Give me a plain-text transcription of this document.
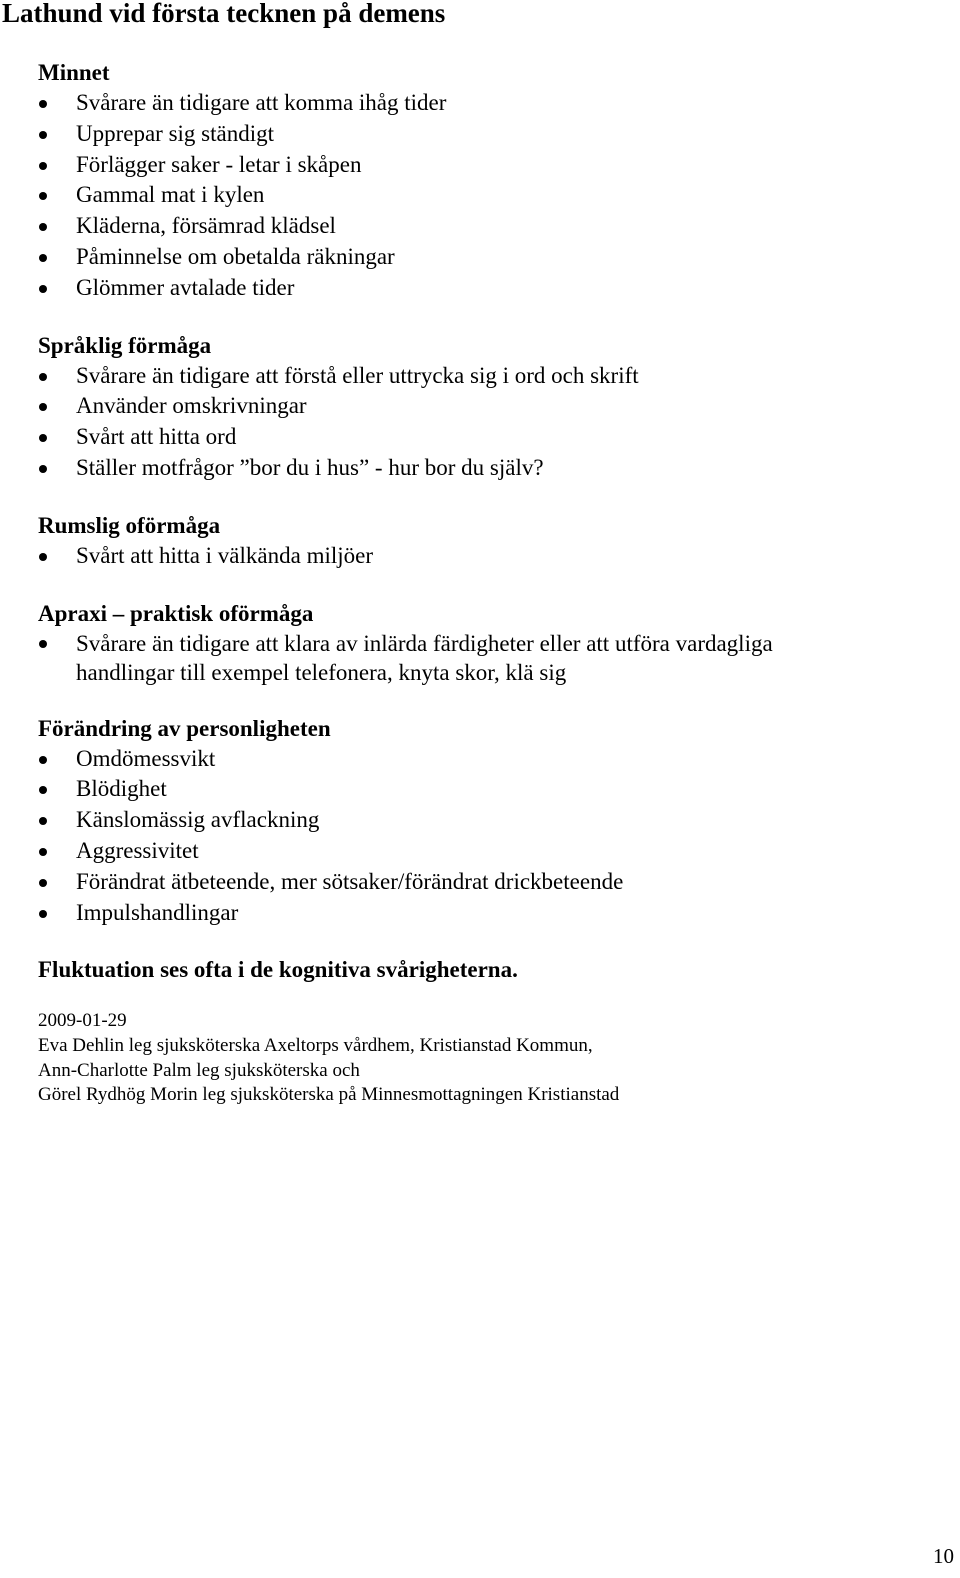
Lathund vid första tecknen på demens
Minnet
Svårare än tidigare att komma ihåg tider
Upprepar sig ständigt
Förlägger saker - letar i skåpen
Gammal mat i kylen
Kläderna, försämrad klädsel
Påminnelse om obetalda räkningar
Glömmer avtalade tider
Språklig förmåga
Svårare än tidigare att förstå eller uttrycka sig i ord och skrift
Använder omskrivningar
Svårt att hitta ord
Ställer motfrågor ”bor du i hus” - hur bor du själv?
Rumslig oförmåga
Svårt att hitta i välkända miljöer
Apraxi – praktisk oförmåga
Svårare än tidigare att klara av inlärda färdigheter eller att utföra vardagliga handlingar till exempel telefonera, knyta skor, klä sig
Förändring av personligheten
Omdömessvikt
Blödighet
Känslomässig avflackning
Aggressivitet
Förändrat ätbeteende, mer sötsaker/förändrat drickbeteende
Impulshandlingar

Fluktuation ses ofta i de kognitiva svårigheterna.

2009-01-29
Eva Dehlin leg sjuksköterska Axeltorps vårdhem, Kristianstad Kommun,
Ann-Charlotte Palm leg sjuksköterska och
Görel Rydhög Morin leg sjuksköterska på Minnesmottagningen Kristianstad
10
